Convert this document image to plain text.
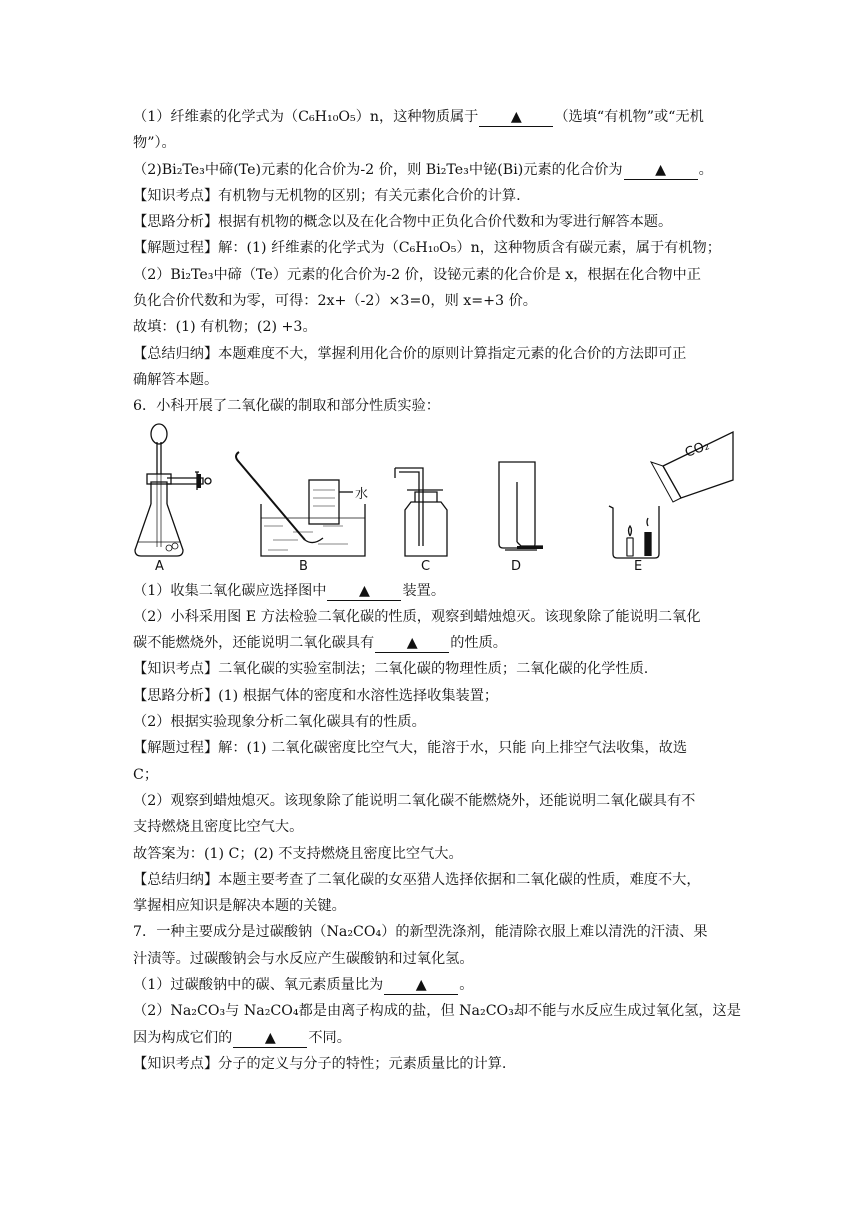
（1）纤维素的化学式为（C₆H₁₀O₅）n，这种物质属于 ▲ （选填“有机物”或“无机
物”）。
（2)Bi₂Te₃中碲(Te)元素的化合价为-2 价，则 Bi₂Te₃中铋(Bi)元素的化合价为 ▲ 。
【知识考点】有机物与无机物的区别；有关元素化合价的计算.
【思路分析】根据有机物的概念以及在化合物中正负化合价代数和为零进行解答本题。
【解题过程】解：(1) 纤维素的化学式为（C₆H₁₀O₅）n，这种物质含有碳元素，属于有机物；
（2）Bi₂Te₃中碲（Te）元素的化合价为-2 价，设铋元素的化合价是 x，根据在化合物中正
负化合价代数和为零，可得：2x+（-2）×3=0，则 x=+3 价。
故填：(1) 有机物；(2) +3。
【总结归纳】本题难度不大，掌握利用化合价的原则计算指定元素的化合价的方法即可正
确解答本题。
6．小科开展了二氧化碳的制取和部分性质实验：
A	B	C	D	E
水
CO₂
（1）收集二氧化碳应选择图中 ▲ 装置。
（2）小科采用图 E 方法检验二氧化碳的性质，观察到蜡烛熄灭。该现象除了能说明二氧化
碳不能燃烧外，还能说明二氧化碳具有 ▲ 的性质。
【知识考点】二氧化碳的实验室制法；二氧化碳的物理性质；二氧化碳的化学性质.
【思路分析】(1) 根据气体的密度和水溶性选择收集装置；
（2）根据实验现象分析二氧化碳具有的性质。
【解题过程】解：(1) 二氧化碳密度比空气大，能溶于水，只能 向上排空气法收集，故选
C；
（2）观察到蜡烛熄灭。该现象除了能说明二氧化碳不能燃烧外，还能说明二氧化碳具有不
支持燃烧且密度比空气大。
故答案为：(1) C；(2) 不支持燃烧且密度比空气大。
【总结归纳】本题主要考查了二氧化碳的女巫猎人选择依据和二氧化碳的性质，难度不大，
掌握相应知识是解决本题的关键。
7．一种主要成分是过碳酸钠（Na₂CO₄）的新型洗涤剂，能清除衣服上难以清洗的汗渍、果
汁渍等。过碳酸钠会与水反应产生碳酸钠和过氧化氢。
（1）过碳酸钠中的碳、氧元素质量比为 ▲ 。
（2）Na₂CO₃与 Na₂CO₄都是由离子构成的盐，但 Na₂CO₃却不能与水反应生成过氧化氢，这是
因为构成它们的 ▲ 不同。
【知识考点】分子的定义与分子的特性；元素质量比的计算.
